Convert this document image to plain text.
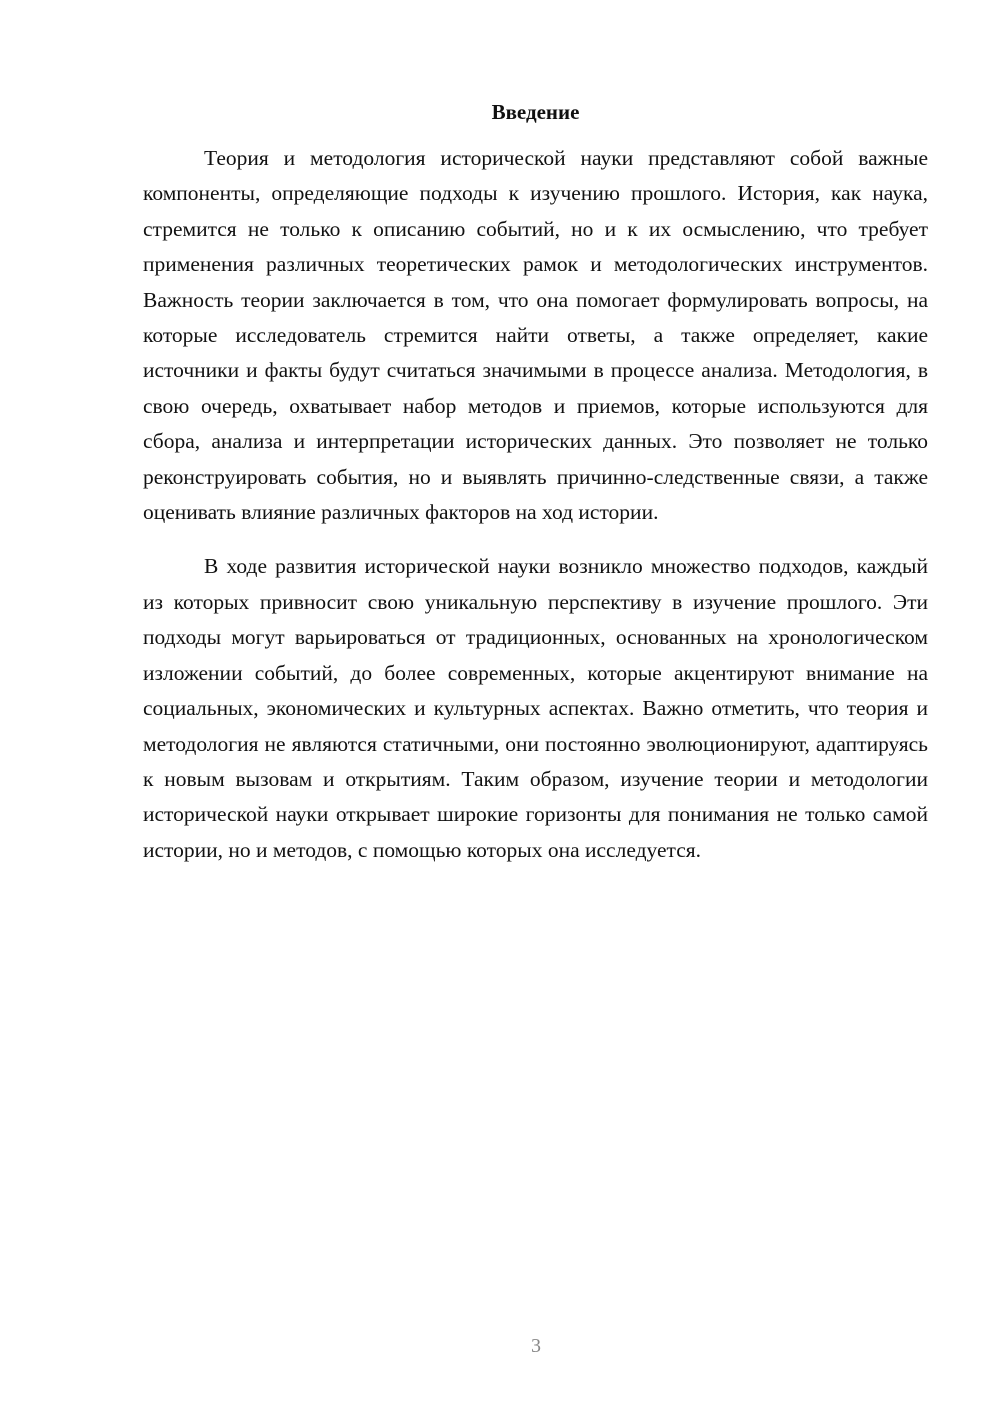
Введение

Теория и методология исторической науки представляют собой важные компоненты, определяющие подходы к изучению прошлого. История, как наука, стремится не только к описанию событий, но и к их осмыслению, что требует применения различных теоретических рамок и методологических инструментов. Важность теории заключается в том, что она помогает формулировать вопросы, на которые исследователь стремится найти ответы, а также определяет, какие источники и факты будут считаться значимыми в процессе анализа. Методология, в свою очередь, охватывает набор методов и приемов, которые используются для сбора, анализа и интерпретации исторических данных. Это позволяет не только реконструировать события, но и выявлять причинно-следственные связи, а также оценивать влияние различных факторов на ход истории.

В ходе развития исторической науки возникло множество подходов, каждый из которых привносит свою уникальную перспективу в изучение прошлого. Эти подходы могут варьироваться от традиционных, основанных на хронологическом изложении событий, до более современных, которые акцентируют внимание на социальных, экономических и культурных аспектах. Важно отметить, что теория и методология не являются статичными, они постоянно эволюционируют, адаптируясь к новым вызовам и открытиям. Таким образом, изучение теории и методологии исторической науки открывает широкие горизонты для понимания не только самой истории, но и методов, с помощью которых она исследуется.

3
